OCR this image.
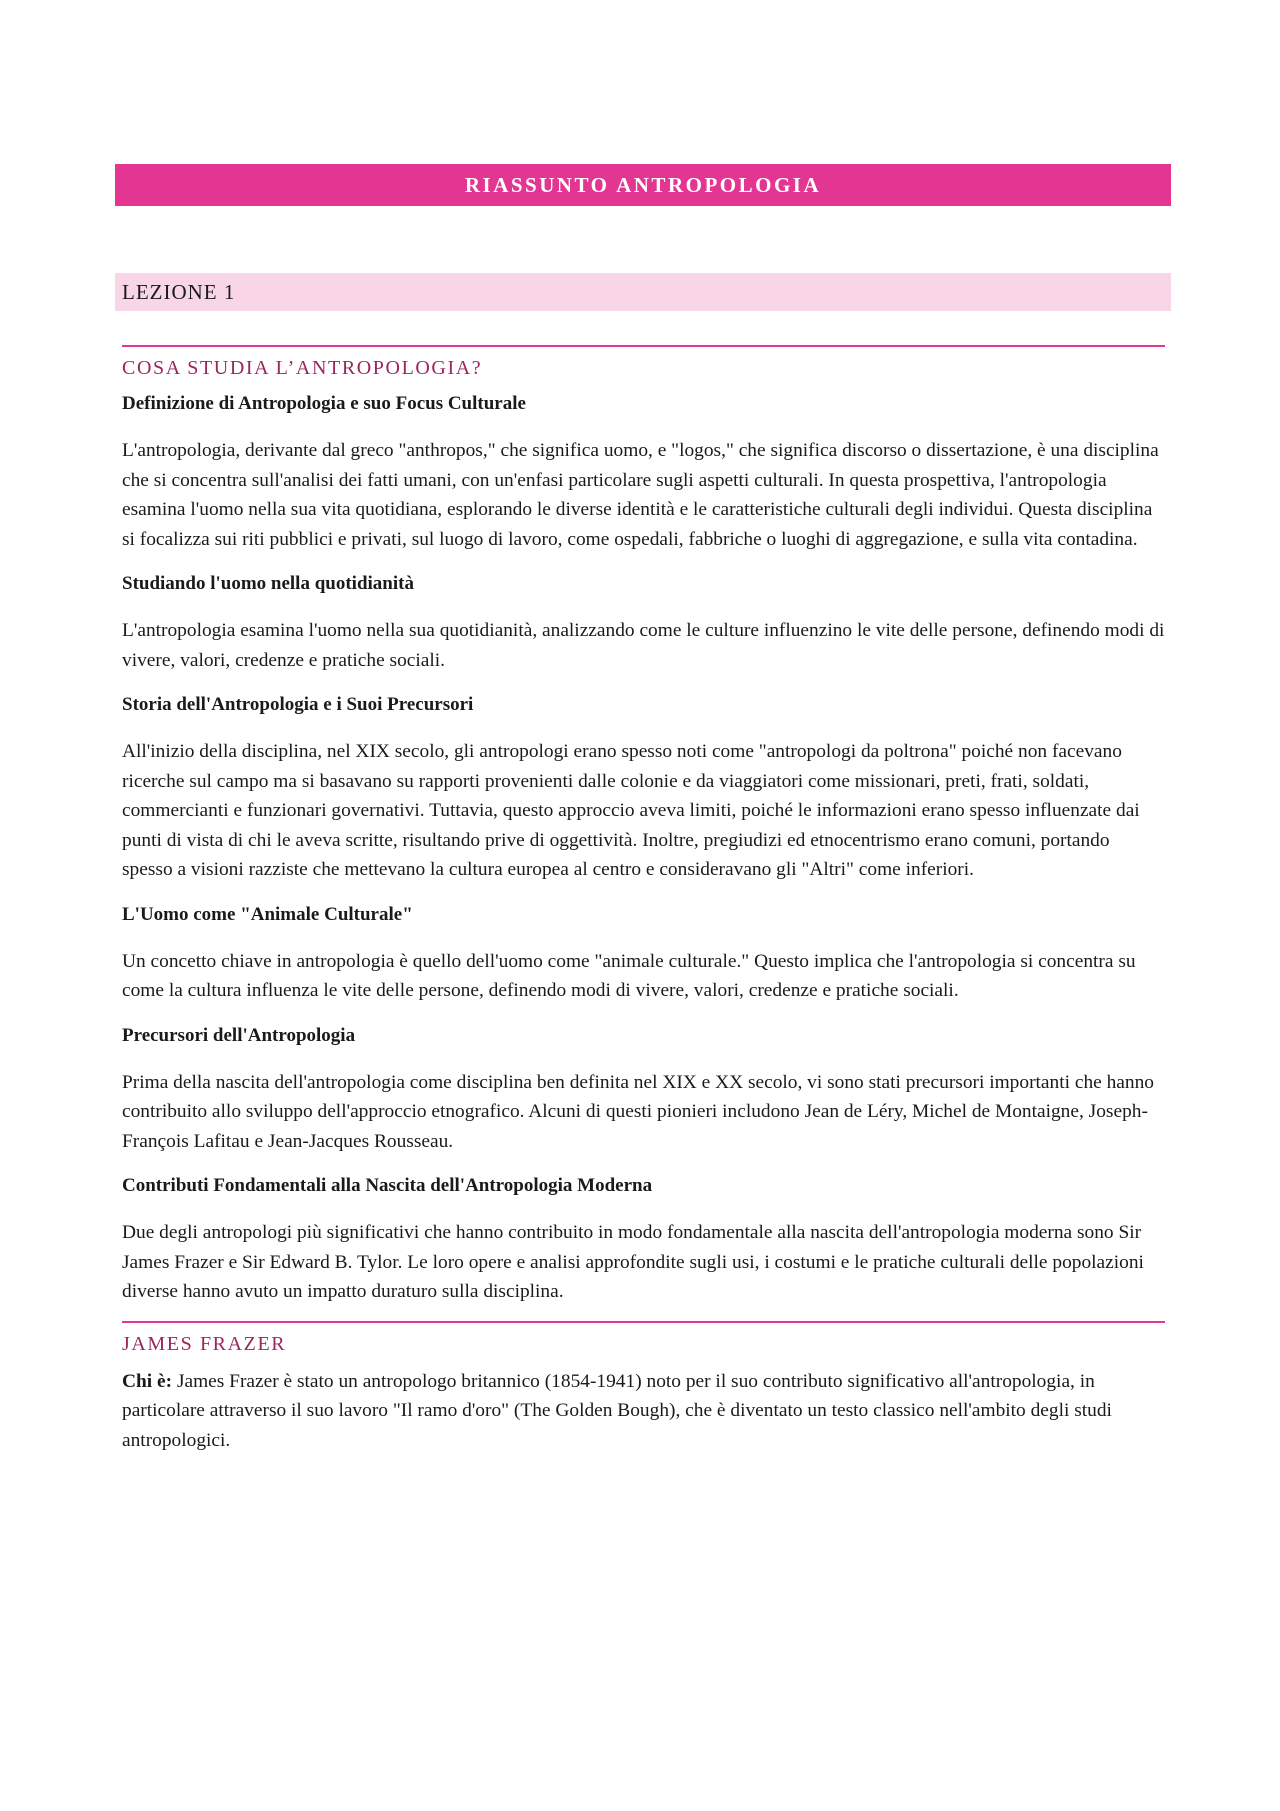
RIASSUNTO ANTROPOLOGIA
LEZIONE 1
COSA STUDIA L’ANTROPOLOGIA?
Definizione di Antropologia e suo Focus Culturale
L'antropologia, derivante dal greco "anthropos," che significa uomo, e "logos," che significa discorso o dissertazione, è una disciplina che si concentra sull'analisi dei fatti umani, con un'enfasi particolare sugli aspetti culturali. In questa prospettiva, l'antropologia esamina l'uomo nella sua vita quotidiana, esplorando le diverse identità e le caratteristiche culturali degli individui. Questa disciplina si focalizza sui riti pubblici e privati, sul luogo di lavoro, come ospedali, fabbriche o luoghi di aggregazione, e sulla vita contadina.
Studiando l'uomo nella quotidianità
L'antropologia esamina l'uomo nella sua quotidianità, analizzando come le culture influenzino le vite delle persone, definendo modi di vivere, valori, credenze e pratiche sociali.
Storia dell'Antropologia e i Suoi Precursori
All'inizio della disciplina, nel XIX secolo, gli antropologi erano spesso noti come "antropologi da poltrona" poiché non facevano ricerche sul campo ma si basavano su rapporti provenienti dalle colonie e da viaggiatori come missionari, preti, frati, soldati, commercianti e funzionari governativi. Tuttavia, questo approccio aveva limiti, poiché le informazioni erano spesso influenzate dai punti di vista di chi le aveva scritte, risultando prive di oggettività. Inoltre, pregiudizi ed etnocentrismo erano comuni, portando spesso a visioni razziste che mettevano la cultura europea al centro e consideravano gli "Altri" come inferiori.
L'Uomo come "Animale Culturale"
Un concetto chiave in antropologia è quello dell'uomo come "animale culturale." Questo implica che l'antropologia si concentra su come la cultura influenza le vite delle persone, definendo modi di vivere, valori, credenze e pratiche sociali.
Precursori dell'Antropologia
Prima della nascita dell'antropologia come disciplina ben definita nel XIX e XX secolo, vi sono stati precursori importanti che hanno contribuito allo sviluppo dell'approccio etnografico. Alcuni di questi pionieri includono Jean de Léry, Michel de Montaigne, Joseph-François Lafitau e Jean-Jacques Rousseau.
Contributi Fondamentali alla Nascita dell'Antropologia Moderna
Due degli antropologi più significativi che hanno contribuito in modo fondamentale alla nascita dell'antropologia moderna sono Sir James Frazer e Sir Edward B. Tylor. Le loro opere e analisi approfondite sugli usi, i costumi e le pratiche culturali delle popolazioni diverse hanno avuto un impatto duraturo sulla disciplina.
JAMES FRAZER
Chi è: James Frazer è stato un antropologo britannico (1854-1941) noto per il suo contributo significativo all'antropologia, in particolare attraverso il suo lavoro "Il ramo d'oro" (The Golden Bough), che è diventato un testo classico nell'ambito degli studi antropologici.
